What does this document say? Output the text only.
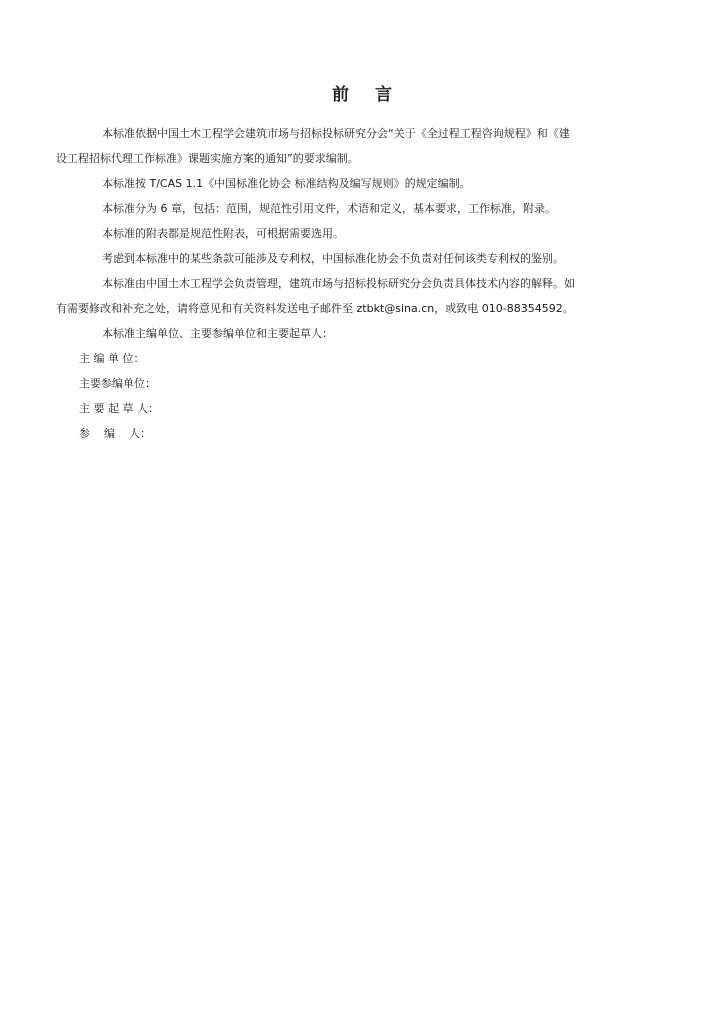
前 言

本标准依据中国土木工程学会建筑市场与招标投标研究分会“关于《全过程工程咨询规程》和《建
设工程招标代理工作标准》课题实施方案的通知”的要求编制。

本标准按 T/CAS 1.1《中国标准化协会 标准结构及编写规则》的规定编制。

本标准分为 6 章，包括：范围，规范性引用文件，术语和定义，基本要求，工作标准，附录。

本标准的附表都是规范性附表，可根据需要选用。

考虑到本标准中的某些条款可能涉及专利权，中国标准化协会不负责对任何该类专利权的鉴别。

本标准由中国土木工程学会负责管理，建筑市场与招标投标研究分会负责具体技术内容的解释。如
有需要修改和补充之处，请将意见和有关资料发送电子邮件至 ztbkt@sina.cn，或致电 010-88354592。

本标准主编单位、主要参编单位和主要起草人：

主 编 单 位：

主要参编单位：

主 要 起 草 人：

参    编    人：
